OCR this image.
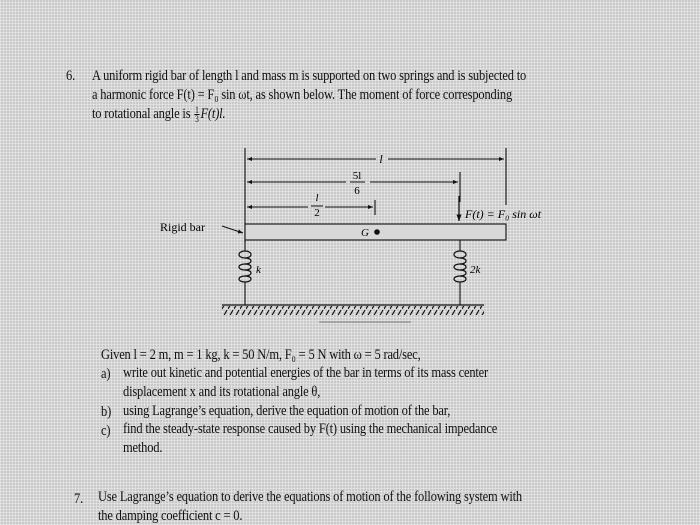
6. A uniform rigid bar of length l and mass m is supported on two springs and is subjected to
a harmonic force F(t) = F₀ sin ωt, as shown below. The moment of force corresponding
to rotational angle is $\frac{1}{3} F(t)l$.
l
5l
6
l
2
G
Rigid bar
F(t) = F₀ sin ωt
k	2k
Given l = 2 m, m = 1 kg, k = 50 N/m, F₀ = 5 N with ω = 5 rad/sec,
a) write out kinetic and potential energies of the bar in terms of its mass center
displacement x and its rotational angle θ,
b) using Lagrange’s equation, derive the equation of motion of the bar,
c) find the steady-state response caused by F(t) using the mechanical impedance
method.
7. Use Lagrange’s equation to derive the equations of motion of the following system with
the damping coefficient c = 0.
